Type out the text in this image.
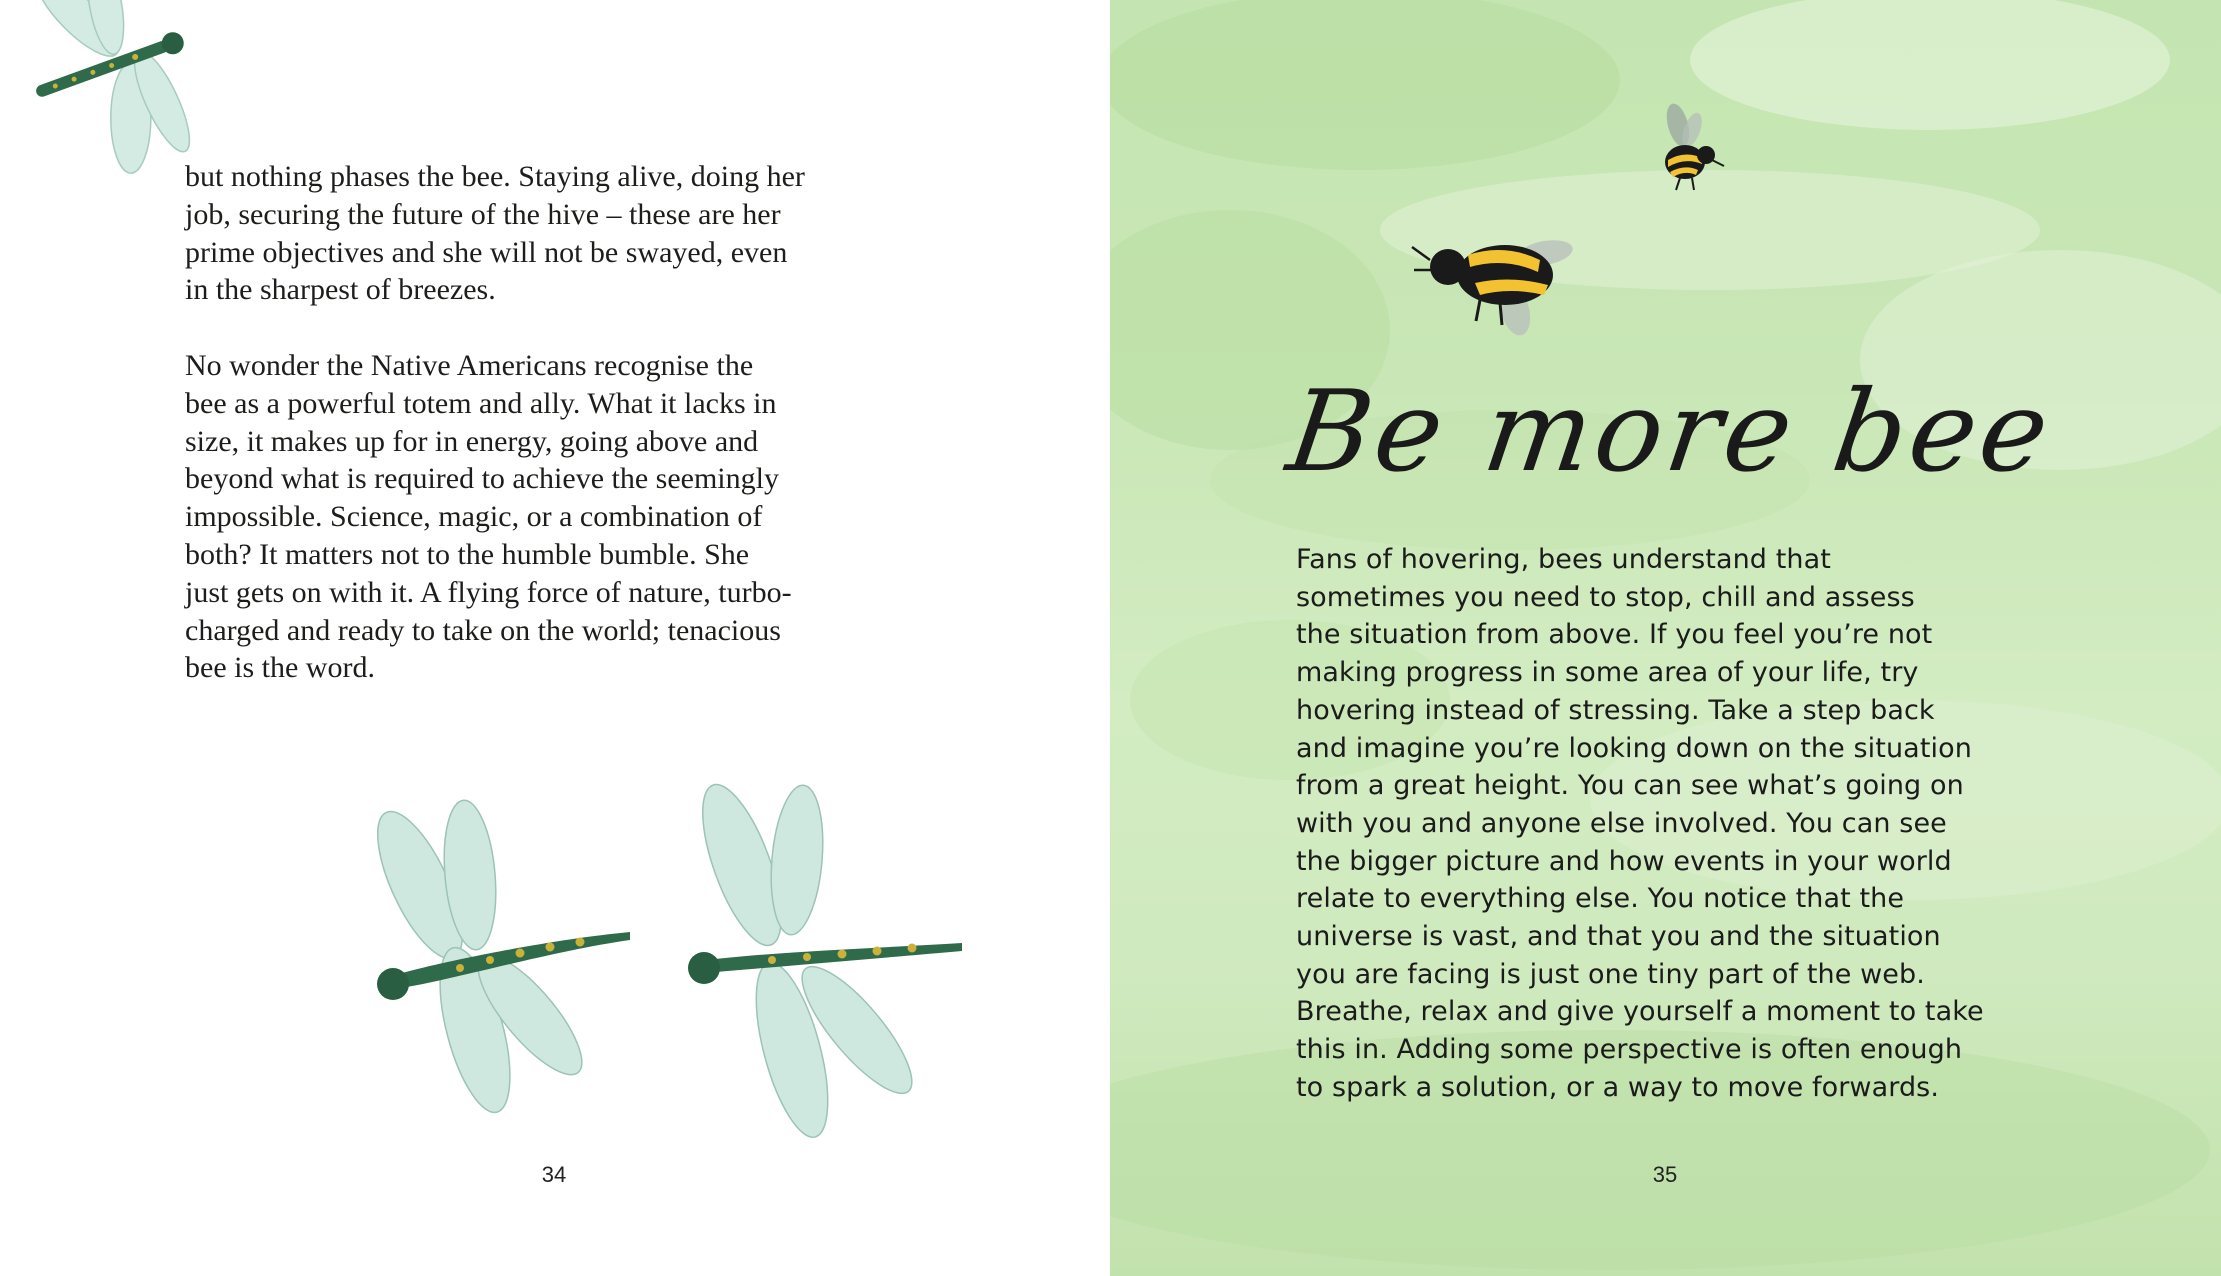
but nothing phases the bee. Staying alive, doing her
job, securing the future of the hive – these are her
prime objectives and she will not be swayed, even
in the sharpest of breezes.

No wonder the Native Americans recognise the
bee as a powerful totem and ally. What it lacks in
size, it makes up for in energy, going above and
beyond what is required to achieve the seemingly
impossible. Science, magic, or a combination of
both? It matters not to the humble bumble. She
just gets on with it. A flying force of nature, turbo-
charged and ready to take on the world; tenacious
bee is the word.

34
Be more bee

Fans of hovering, bees understand that
sometimes you need to stop, chill and assess
the situation from above. If you feel you’re not
making progress in some area of your life, try
hovering instead of stressing. Take a step back
and imagine you’re looking down on the situation
from a great height. You can see what’s going on
with you and anyone else involved. You can see
the bigger picture and how events in your world
relate to everything else. You notice that the
universe is vast, and that you and the situation
you are facing is just one tiny part of the web.
Breathe, relax and give yourself a moment to take
this in. Adding some perspective is often enough
to spark a solution, or a way to move forwards.

35
